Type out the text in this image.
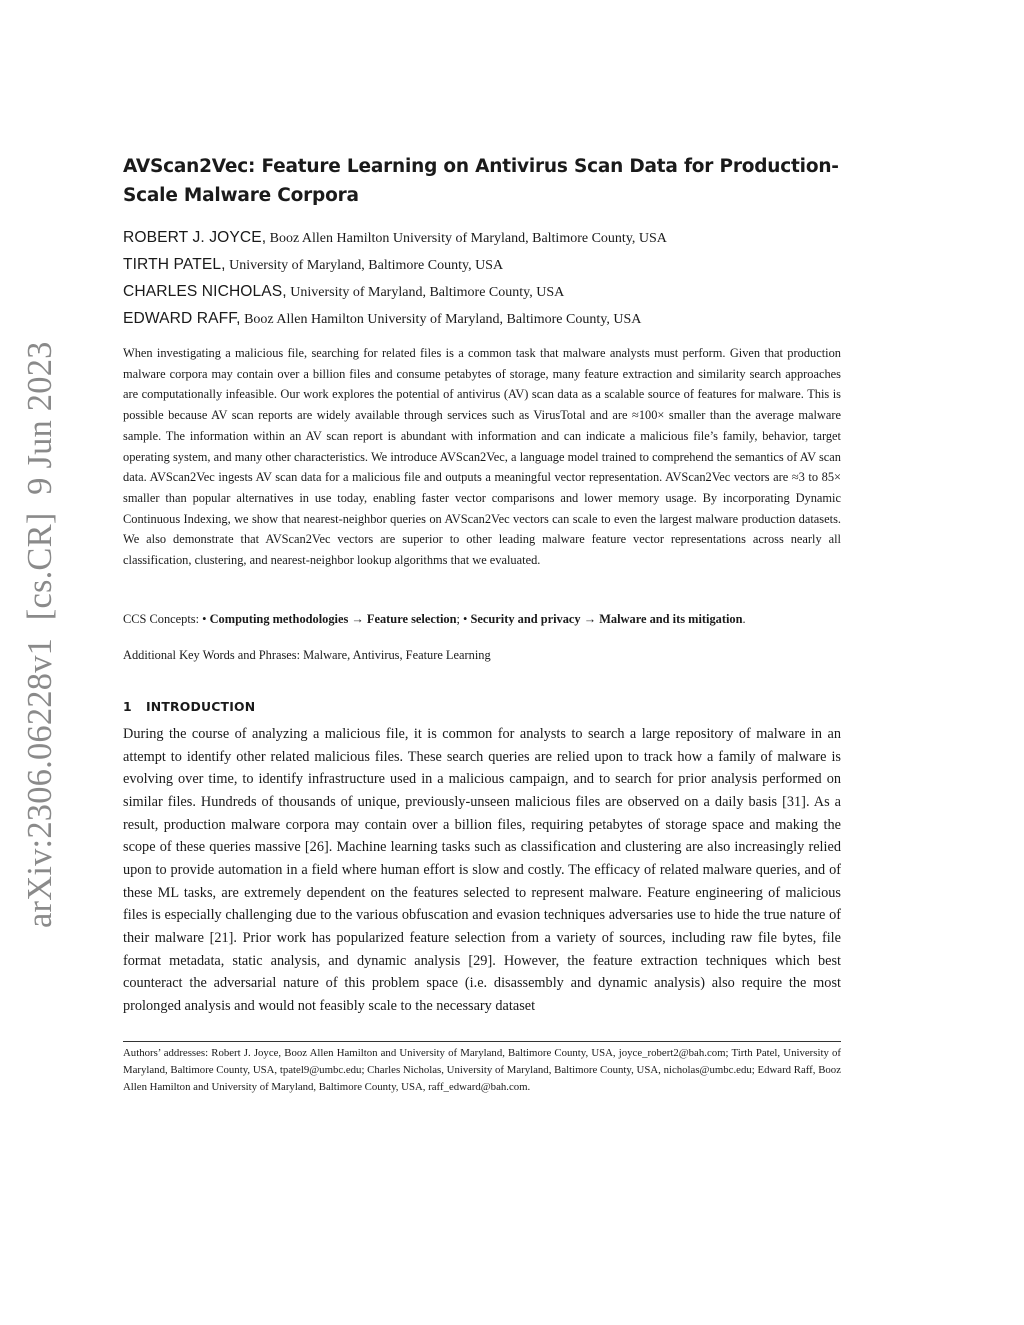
arXiv:2306.06228v1  [cs.CR]  9 Jun 2023
AVScan2Vec: Feature Learning on Antivirus Scan Data for Production-Scale Malware Corpora
ROBERT J. JOYCE, Booz Allen Hamilton University of Maryland, Baltimore County, USA
TIRTH PATEL, University of Maryland, Baltimore County, USA
CHARLES NICHOLAS, University of Maryland, Baltimore County, USA
EDWARD RAFF, Booz Allen Hamilton University of Maryland, Baltimore County, USA

When investigating a malicious file, searching for related files is a common task that malware analysts must perform. Given that production malware corpora may contain over a billion files and consume petabytes of storage, many feature extraction and similarity search approaches are computationally infeasible. Our work explores the potential of antivirus (AV) scan data as a scalable source of features for malware. This is possible because AV scan reports are widely available through services such as VirusTotal and are ≈100× smaller than the average malware sample. The information within an AV scan report is abundant with information and can indicate a malicious file’s family, behavior, target operating system, and many other characteristics. We introduce AVScan2Vec, a language model trained to comprehend the semantics of AV scan data. AVScan2Vec ingests AV scan data for a malicious file and outputs a meaningful vector representation. AVScan2Vec vectors are ≈3 to 85× smaller than popular alternatives in use today, enabling faster vector comparisons and lower memory usage. By incorporating Dynamic Continuous Indexing, we show that nearest-neighbor queries on AVScan2Vec vectors can scale to even the largest malware production datasets. We also demonstrate that AVScan2Vec vectors are superior to other leading malware feature vector representations across nearly all classification, clustering, and nearest-neighbor lookup algorithms that we evaluated.

CCS Concepts: • Computing methodologies → Feature selection; • Security and privacy → Malware and its mitigation.

Additional Key Words and Phrases: Malware, Antivirus, Feature Learning

1 INTRODUCTION

During the course of analyzing a malicious file, it is common for analysts to search a large repository of malware in an attempt to identify other related malicious files. These search queries are relied upon to track how a family of malware is evolving over time, to identify infrastructure used in a malicious campaign, and to search for prior analysis performed on similar files. Hundreds of thousands of unique, previously-unseen malicious files are observed on a daily basis [31]. As a result, production malware corpora may contain over a billion files, requiring petabytes of storage space and making the scope of these queries massive [26]. Machine learning tasks such as classification and clustering are also increasingly relied upon to provide automation in a field where human effort is slow and costly. The efficacy of related malware queries, and of these ML tasks, are extremely dependent on the features selected to represent malware. Feature engineering of malicious files is especially challenging due to the various obfuscation and evasion techniques adversaries use to hide the true nature of their malware [21]. Prior work has popularized feature selection from a variety of sources, including raw file bytes, file format metadata, static analysis, and dynamic analysis [29]. However, the feature extraction techniques which best counteract the adversarial nature of this problem space (i.e. disassembly and dynamic analysis) also require the most prolonged analysis and would not feasibly scale to the necessary dataset

Authors’ addresses: Robert J. Joyce, Booz Allen Hamilton and University of Maryland, Baltimore County, USA, joyce_robert2@bah.com; Tirth Patel, University of Maryland, Baltimore County, USA, tpatel9@umbc.edu; Charles Nicholas, University of Maryland, Baltimore County, USA, nicholas@umbc.edu; Edward Raff, Booz Allen Hamilton and University of Maryland, Baltimore County, USA, raff_edward@bah.com.
